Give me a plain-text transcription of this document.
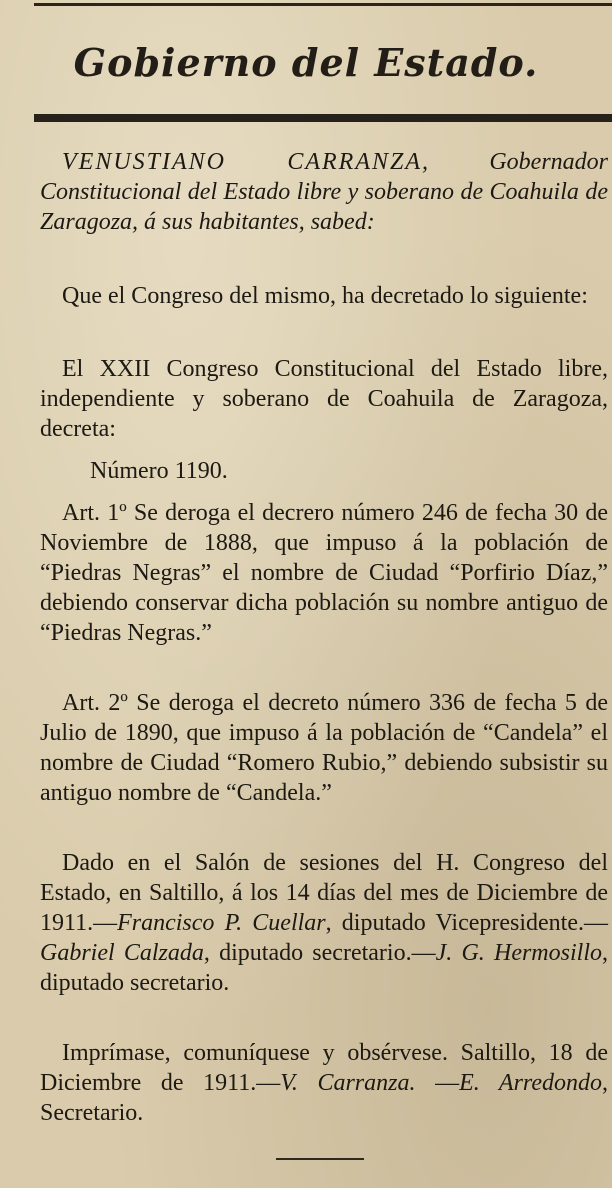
Gobierno del Estado.

VENUSTIANO CARRANZA, Gobernador Constitucional del Estado libre y soberano de Coahuila de Zaragoza, á sus habitantes, sabed:

Que el Congreso del mismo, ha decretado lo siguiente:

El XXII Congreso Constitucional del Estado libre, independiente y soberano de Coahuila de Zaragoza, decreta:

Número 1190.

Art. 1º Se deroga el decrero número 246 de fecha 30 de Noviembre de 1888, que impuso á la población de “Piedras Negras” el nombre de Ciudad “Porfirio Díaz,” debiendo conservar dicha población su nombre antiguo de “Piedras Negras.”

Art. 2º Se deroga el decreto número 336 de fecha 5 de Julio de 1890, que impuso á la población de “Candela” el nombre de Ciudad “Romero Rubio,” debiendo subsistir su antiguo nombre de “Candela.”

Dado en el Salón de sesiones del H. Congreso del Estado, en Saltillo, á los 14 días del mes de Diciembre de 1911.—Francisco P. Cuellar, diputado Vicepresidente.—Gabriel Calzada, diputado secretario.—J. G. Hermosillo, diputado secretario.

Imprímase, comuníquese y obsérvese. Saltillo, 18 de Diciembre de 1911.—V. Carranza. —E. Arredondo, Secretario.
